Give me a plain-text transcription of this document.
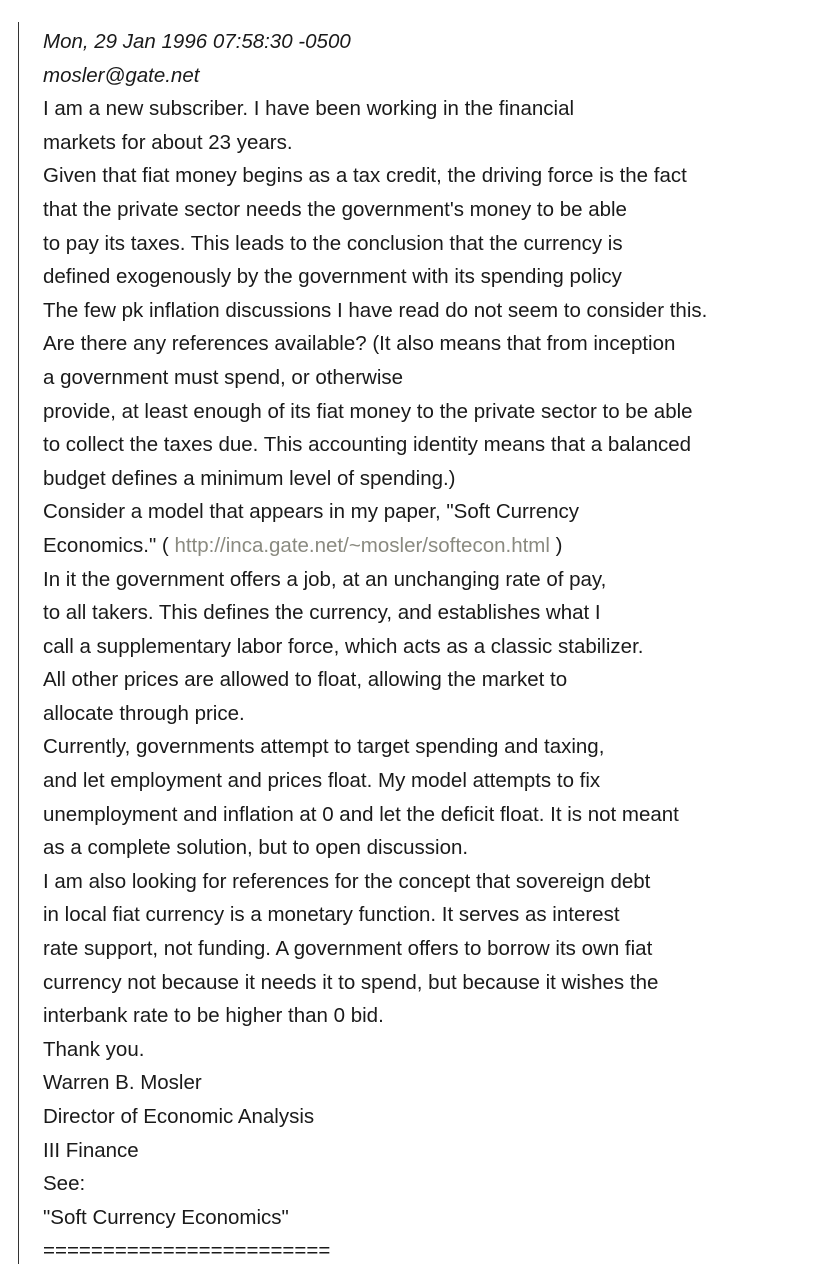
Mon, 29 Jan 1996 07:58:30 -0500
mosler@gate.net
I am a new subscriber. I have been working in the financial
markets for about 23 years.
Given that fiat money begins as a tax credit, the driving force is the fact
that the private sector needs the government's money to be able
to pay its taxes. This leads to the conclusion that the currency is
defined exogenously by the government with its spending policy
The few pk inflation discussions I have read do not seem to consider this.
Are there any references available? (It also means that from inception
a government must spend, or otherwise
provide, at least enough of its fiat money to the private sector to be able
to collect the taxes due. This accounting identity means that a balanced
budget defines a minimum level of spending.)
Consider a model that appears in my paper, "Soft Currency
Economics." ( http://inca.gate.net/~mosler/softecon.html )
In it the government offers a job, at an unchanging rate of pay,
to all takers. This defines the currency, and establishes what I
call a supplementary labor force, which acts as a classic stabilizer.
All other prices are allowed to float, allowing the market to
allocate through price.
Currently, governments attempt to target spending and taxing,
and let employment and prices float. My model attempts to fix
unemployment and inflation at 0 and let the deficit float. It is not meant
as a complete solution, but to open discussion.
I am also looking for references for the concept that sovereign debt
in local fiat currency is a monetary function. It serves as interest
rate support, not funding. A government offers to borrow its own fiat
currency not because it needs it to spend, but because it wishes the
interbank rate to be higher than 0 bid.
Thank you.
Warren B. Mosler
Director of Economic Analysis
III Finance
See:
"Soft Currency Economics"
========================
